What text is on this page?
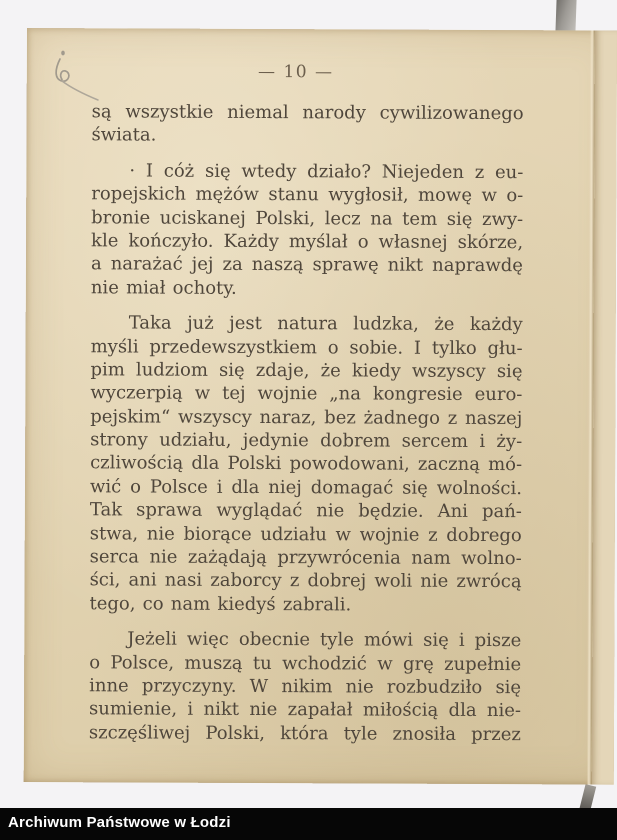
— 10 —
są wszystkie niemal narody cywilizowanego
świata.
· I cóż się wtedy działo? Niejeden z eu-
ropejskich mężów stanu wygłosił, mowę w o-
bronie uciskanej Polski, lecz na tem się zwy-
kle kończyło. Każdy myślał o własnej skórze,
a narażać jej za naszą sprawę nikt naprawdę
nie miał ochoty.
Taka już jest natura ludzka, że każdy
myśli przedewszystkiem o sobie. I tylko głu-
pim ludziom się zdaje, że kiedy wszyscy się
wyczerpią w tej wojnie „na kongresie euro-
pejskim“ wszyscy naraz, bez żadnego z naszej
strony udziału, jedynie dobrem sercem i ży-
czliwością dla Polski powodowani, zaczną mó-
wić o Polsce i dla niej domagać się wolności.
Tak sprawa wyglądać nie będzie. Ani pań-
stwa, nie biorące udziału w wojnie z dobrego
serca nie zażądają przywrócenia nam wolno-
ści, ani nasi zaborcy z dobrej woli nie zwrócą
tego, co nam kiedyś zabrali.
Jeżeli więc obecnie tyle mówi się i pisze
o Polsce, muszą tu wchodzić w grę zupełnie
inne przyczyny. W nikim nie rozbudziło się
sumienie, i nikt nie zapałał miłością dla nie-
szczęśliwej Polski, która tyle znosiła przez
Archiwum Państwowe w Łodzi
